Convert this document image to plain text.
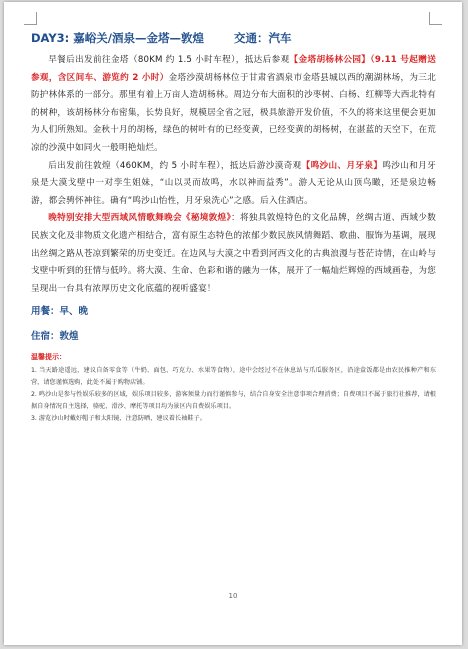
DAY3: 嘉峪关/酒泉—金塔—敦煌	交通：汽车

早餐后出发前往金塔（80KM 约 1.5 小时车程），抵达后参观【金塔胡杨林公园】（9.11 号起赠送参观，含区间车、游览约 2 小时）金塔沙漠胡杨林位于甘肃省酒泉市金塔县城以西的潮湖林场，为三北防护林体系的一部分。那里有着上万亩人造胡杨林。周边分布大面积的沙枣树、白杨、红柳等大西北特有的树种，该胡杨林分布密集，长势良好，规模居全省之冠，极具旅游开发价值，不久的将来这里便会更加为人们所熟知。金秋十月的胡杨，绿色的树叶有的已经变黄，已经变黄的胡杨树，在湛蓝的天空下，在荒凉的沙漠中如同火一般明艳灿烂。

后出发前往敦煌（460KM，约 5 小时车程），抵达后游沙漠奇观【鸣沙山、月牙泉】鸣沙山和月牙泉是大漠戈壁中一对孪生姐妹，“山以灵而故鸣，水以神而益秀”。游人无论从山顶鸟瞰，还是泉边畅游，都会骋怀神往。确有“鸣沙山怡性，月牙泉洗心”之感。后入住酒店。

晚特别安排大型西域风情歌舞晚会《秘境敦煌》：将独具敦煌特色的文化品牌，丝绸古道、西域少数民族文化及非物质文化遗产相结合，富有原生态特色的浓郁少数民族风情舞蹈、歌曲、服饰为基调，展现出丝绸之路从苍凉到繁荣的历史变迁。在边风与大漠之中看到河西文化的古典浪漫与苍茫诗情，在山岭与戈壁中听到的狂情与低吟。将大漠、生命、色彩和谐的融为一体，展开了一幅灿烂辉煌的西域画卷，为您呈现出一台具有浓厚历史文化底蕴的视听盛宴！

用餐：早、晚
住宿：敦煌
温馨提示：

1. 当天路途遥远，建议自备零食等（牛奶、面包、巧克力、水果等食物），途中会经过不在休息站与爪瓜服务区，沿途盒饭都是由农民推种产和东营，请您谨慎选购，此处不属于购物店铺。

2. 鸣沙山是参与性娱乐较多的区域，娱乐项目较多，游客须量力而行谨慎参与，结合自身安全注意事项合理消费；自费项目不属于旅行社推荐，请根据自身情况自主选择，骆驼、滑沙、摩托等项目均为景区内自费娱乐项目。

3. 游览沙山时戴好帽子和太阳镜，注意防晒，建议着长袖鞋子。

10
